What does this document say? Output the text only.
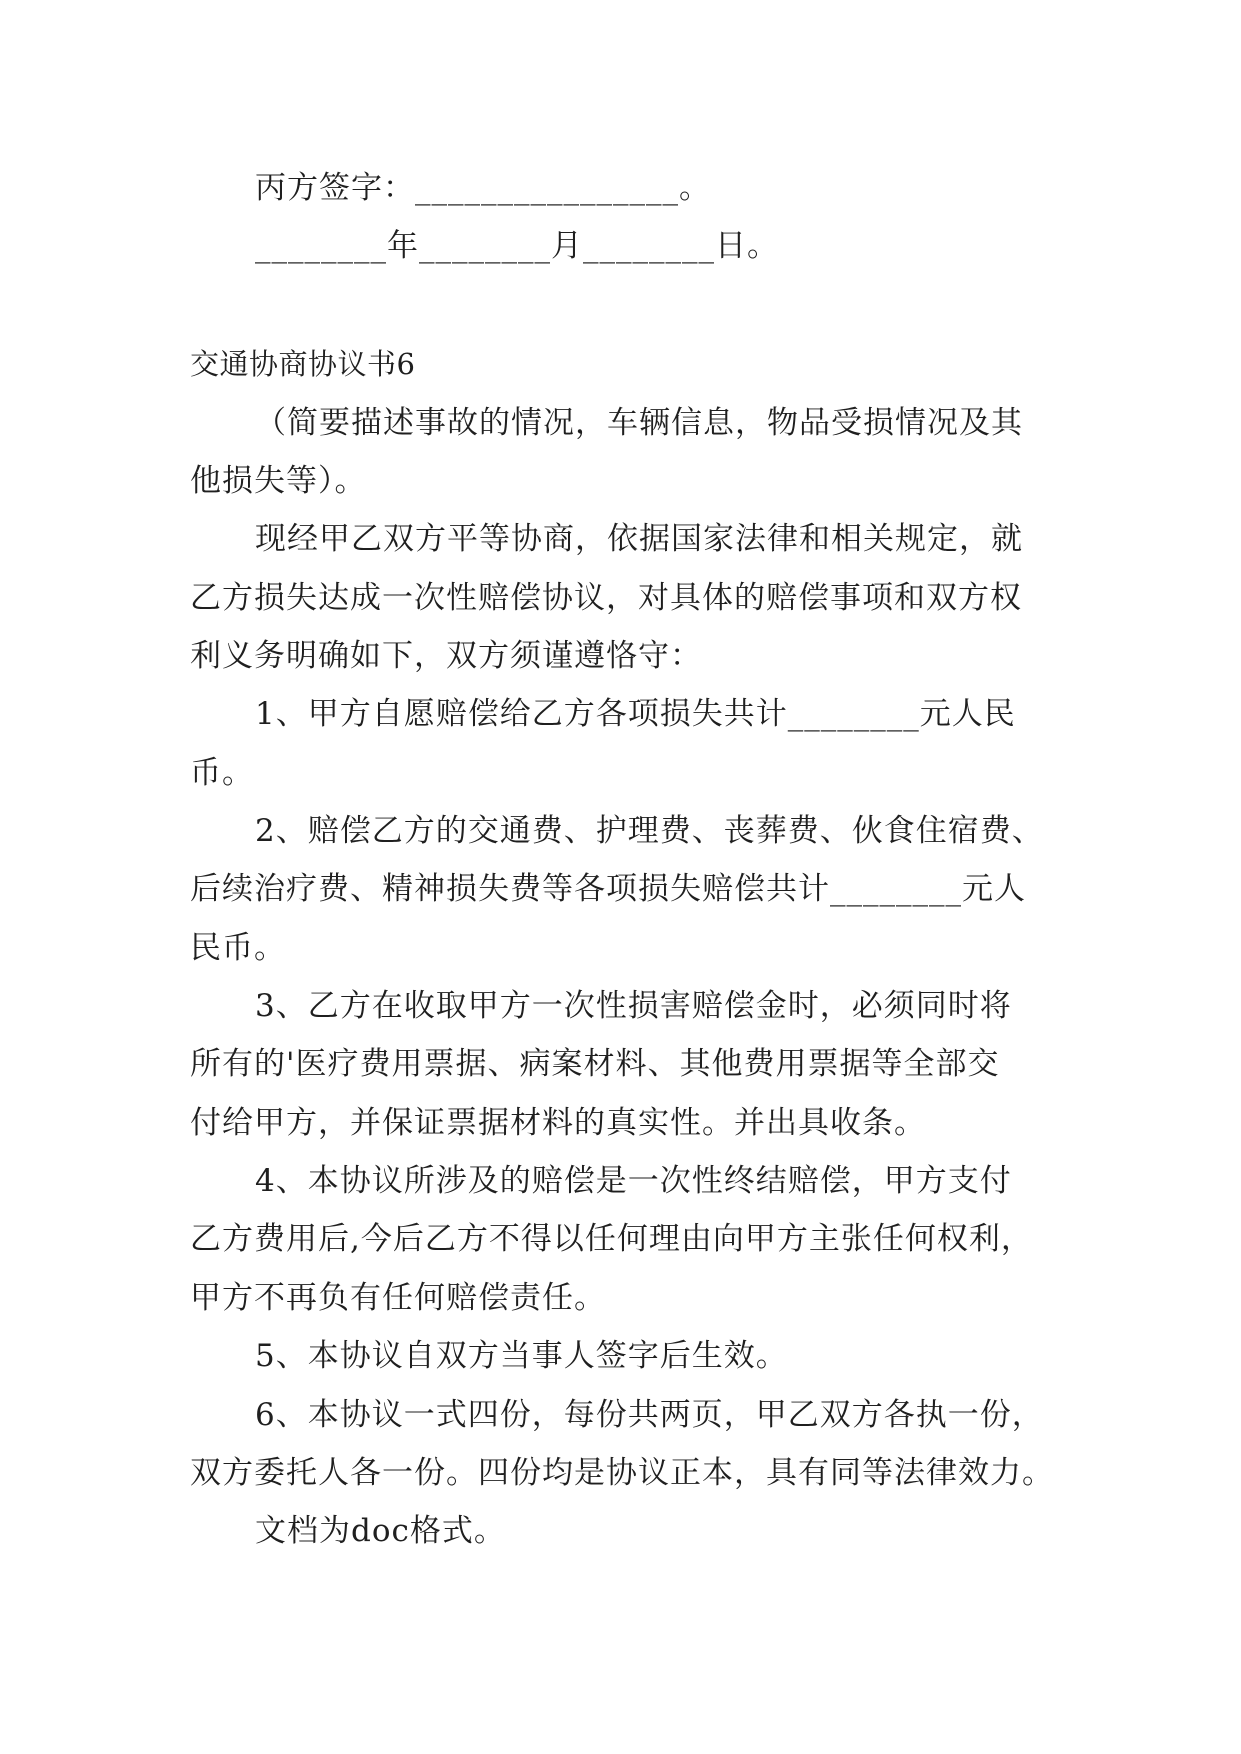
丙方签字：________________。
________年________月________日。
交通协商协议书6
（简要描述事故的情况，车辆信息，物品受损情况及其
他损失等）。
现经甲乙双方平等协商，依据国家法律和相关规定，就
乙方损失达成一次性赔偿协议，对具体的赔偿事项和双方权
利义务明确如下，双方须谨遵恪守：
1、甲方自愿赔偿给乙方各项损失共计________元人民
币。
2、赔偿乙方的交通费、护理费、丧葬费、伙食住宿费、
后续治疗费、精神损失费等各项损失赔偿共计________元人
民币。
3、乙方在收取甲方一次性损害赔偿金时，必须同时将
所有的'医疗费用票据、病案材料、其他费用票据等全部交
付给甲方，并保证票据材料的真实性。并出具收条。
4、本协议所涉及的赔偿是一次性终结赔偿，甲方支付
乙方费用后,今后乙方不得以任何理由向甲方主张任何权利，
甲方不再负有任何赔偿责任。
5、本协议自双方当事人签字后生效。
6、本协议一式四份，每份共两页，甲乙双方各执一份，
双方委托人各一份。四份均是协议正本，具有同等法律效力。
文档为doc格式。
